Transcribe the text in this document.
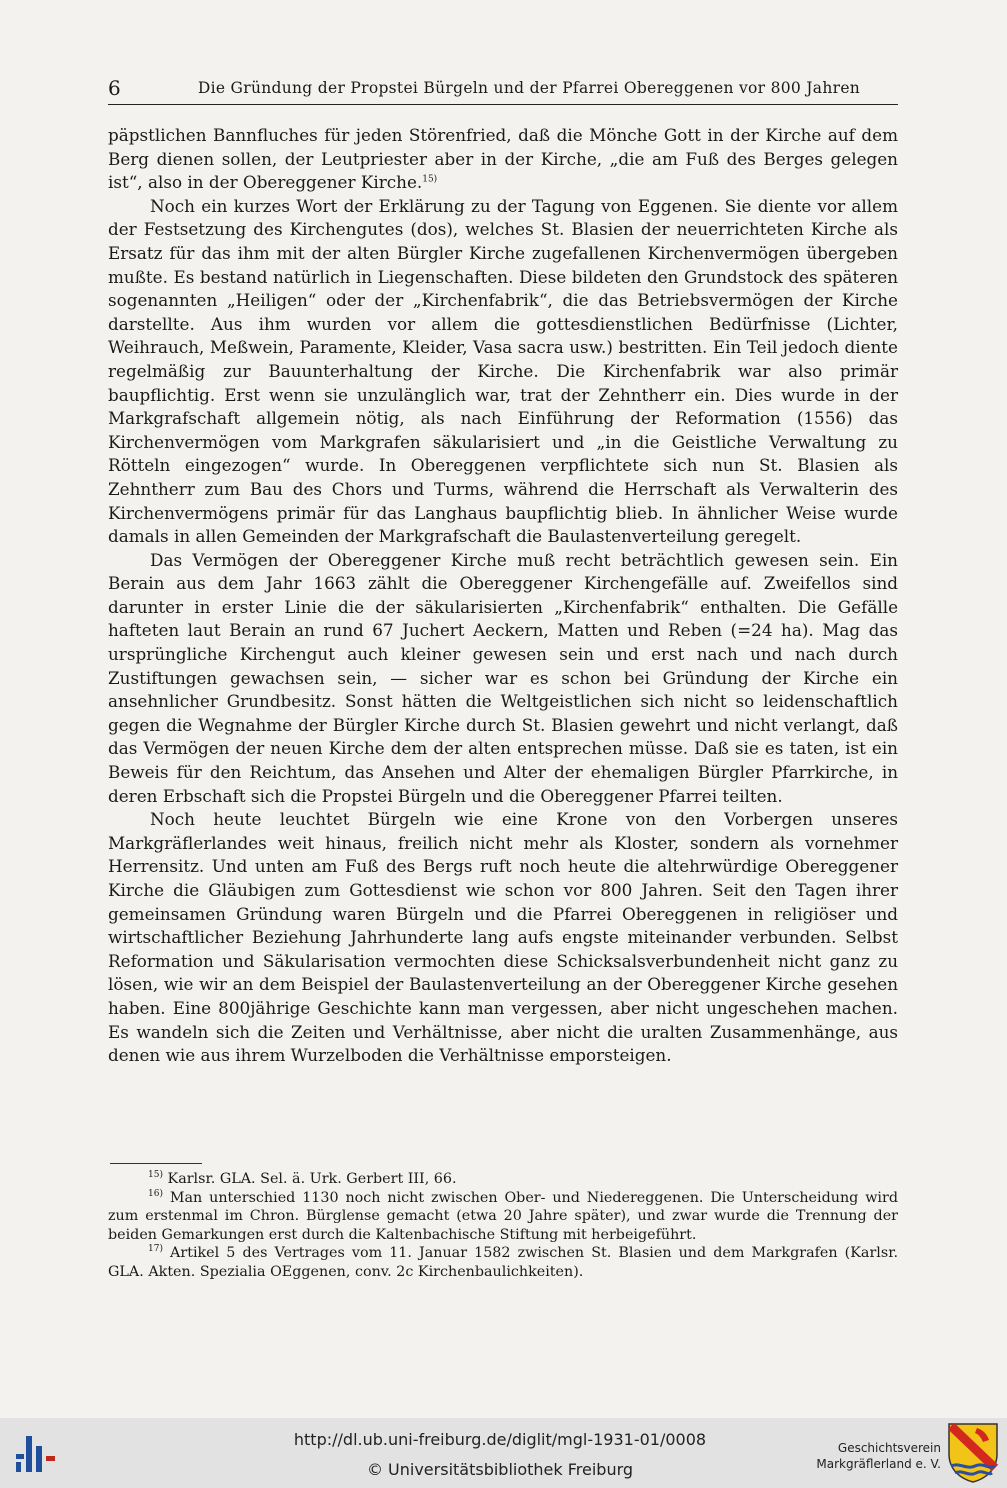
6	Die Gründung der Propstei Bürgeln und der Pfarrei Obereggenen vor 800 Jahren

päpstlichen Bannfluches für jeden Störenfried, daß die Mönche Gott in der Kirche auf dem Berg dienen sollen, der Leutpriester aber in der Kirche, „die am Fuß des Berges gelegen ist“, also in der Obereggener Kirche.$^{15)}$

Noch ein kurzes Wort der Erklärung zu der Tagung von Eggenen. Sie diente vor allem der Festsetzung des Kirchengutes (dos), welches St. Blasien der neuerrichteten Kirche als Ersatz für das ihm mit der alten Bürgler Kirche zugefallenen Kirchenvermögen übergeben mußte. Es bestand natürlich in Liegenschaften. Diese bildeten den Grundstock des späteren sogenannten „Heiligen“ oder der „Kirchenfabrik“, die das Betriebsvermögen der Kirche darstellte. Aus ihm wurden vor allem die gottesdienstlichen Bedürfnisse (Lichter, Weihrauch, Meßwein, Paramente, Kleider, Vasa sacra usw.) bestritten. Ein Teil jedoch diente regelmäßig zur Bauunterhaltung der Kirche. Die Kirchenfabrik war also primär baupflichtig. Erst wenn sie unzulänglich war, trat der Zehntherr ein. Dies wurde in der Markgrafschaft allgemein nötig, als nach Einführung der Reformation (1556) das Kirchenvermögen vom Markgrafen säkularisiert und „in die Geistliche Verwaltung zu Rötteln eingezogen“ wurde. In Obereggenen verpflichtete sich nun St. Blasien als Zehntherr zum Bau des Chors und Turms, während die Herrschaft als Verwalterin des Kirchenvermögens primär für das Langhaus baupflichtig blieb. In ähnlicher Weise wurde damals in allen Gemeinden der Markgrafschaft die Baulastenverteilung geregelt.

Das Vermögen der Obereggener Kirche muß recht beträchtlich gewesen sein. Ein Berain aus dem Jahr 1663 zählt die Obereggener Kirchengefälle auf. Zweifellos sind darunter in erster Linie die der säkularisierten „Kirchenfabrik“ enthalten. Die Gefälle hafteten laut Berain an rund 67 Juchert Aeckern, Matten und Reben (=24 ha). Mag das ursprüngliche Kirchengut auch kleiner gewesen sein und erst nach und nach durch Zustiftungen gewachsen sein, — sicher war es schon bei Gründung der Kirche ein ansehnlicher Grundbesitz. Sonst hätten die Weltgeistlichen sich nicht so leidenschaftlich gegen die Wegnahme der Bürgler Kirche durch St. Blasien gewehrt und nicht verlangt, daß das Vermögen der neuen Kirche dem der alten entsprechen müsse. Daß sie es taten, ist ein Beweis für den Reichtum, das Ansehen und Alter der ehemaligen Bürgler Pfarrkirche, in deren Erbschaft sich die Propstei Bürgeln und die Obereggener Pfarrei teilten.

Noch heute leuchtet Bürgeln wie eine Krone von den Vorbergen unseres Markgräflerlandes weit hinaus, freilich nicht mehr als Kloster, sondern als vornehmer Herrensitz. Und unten am Fuß des Bergs ruft noch heute die altehrwürdige Obereggener Kirche die Gläubigen zum Gottesdienst wie schon vor 800 Jahren. Seit den Tagen ihrer gemeinsamen Gründung waren Bürgeln und die Pfarrei Obereggenen in religiöser und wirtschaftlicher Beziehung Jahrhunderte lang aufs engste miteinander verbunden. Selbst Reformation und Säkularisation vermochten diese Schicksalsverbundenheit nicht ganz zu lösen, wie wir an dem Beispiel der Baulastenverteilung an der Obereggener Kirche gesehen haben. Eine 800jährige Geschichte kann man vergessen, aber nicht ungeschehen machen. Es wandeln sich die Zeiten und Verhältnisse, aber nicht die uralten Zusammenhänge, aus denen wie aus ihrem Wurzelboden die Verhältnisse emporsteigen.

$^{15)}$ Karlsr. GLA. Sel. ä. Urk. Gerbert III, 66.

$^{16)}$ Man unterschied 1130 noch nicht zwischen Ober- und Niedereggenen. Die Unterscheidung wird zum erstenmal im Chron. Bürglense gemacht (etwa 20 Jahre später), und zwar wurde die Trennung der beiden Gemarkungen erst durch die Kaltenbachische Stiftung mit herbeigeführt.

$^{17)}$ Artikel 5 des Vertrages vom 11. Januar 1582 zwischen St. Blasien und dem Markgrafen (Karlsr. GLA. Akten. Spezialia OEggenen, conv. 2c Kirchenbaulichkeiten).

http://dl.ub.uni-freiburg.de/diglit/mgl-1931-01/0008
© Universitätsbibliothek Freiburg
Geschichtsverein
Markgräflerland e. V.
